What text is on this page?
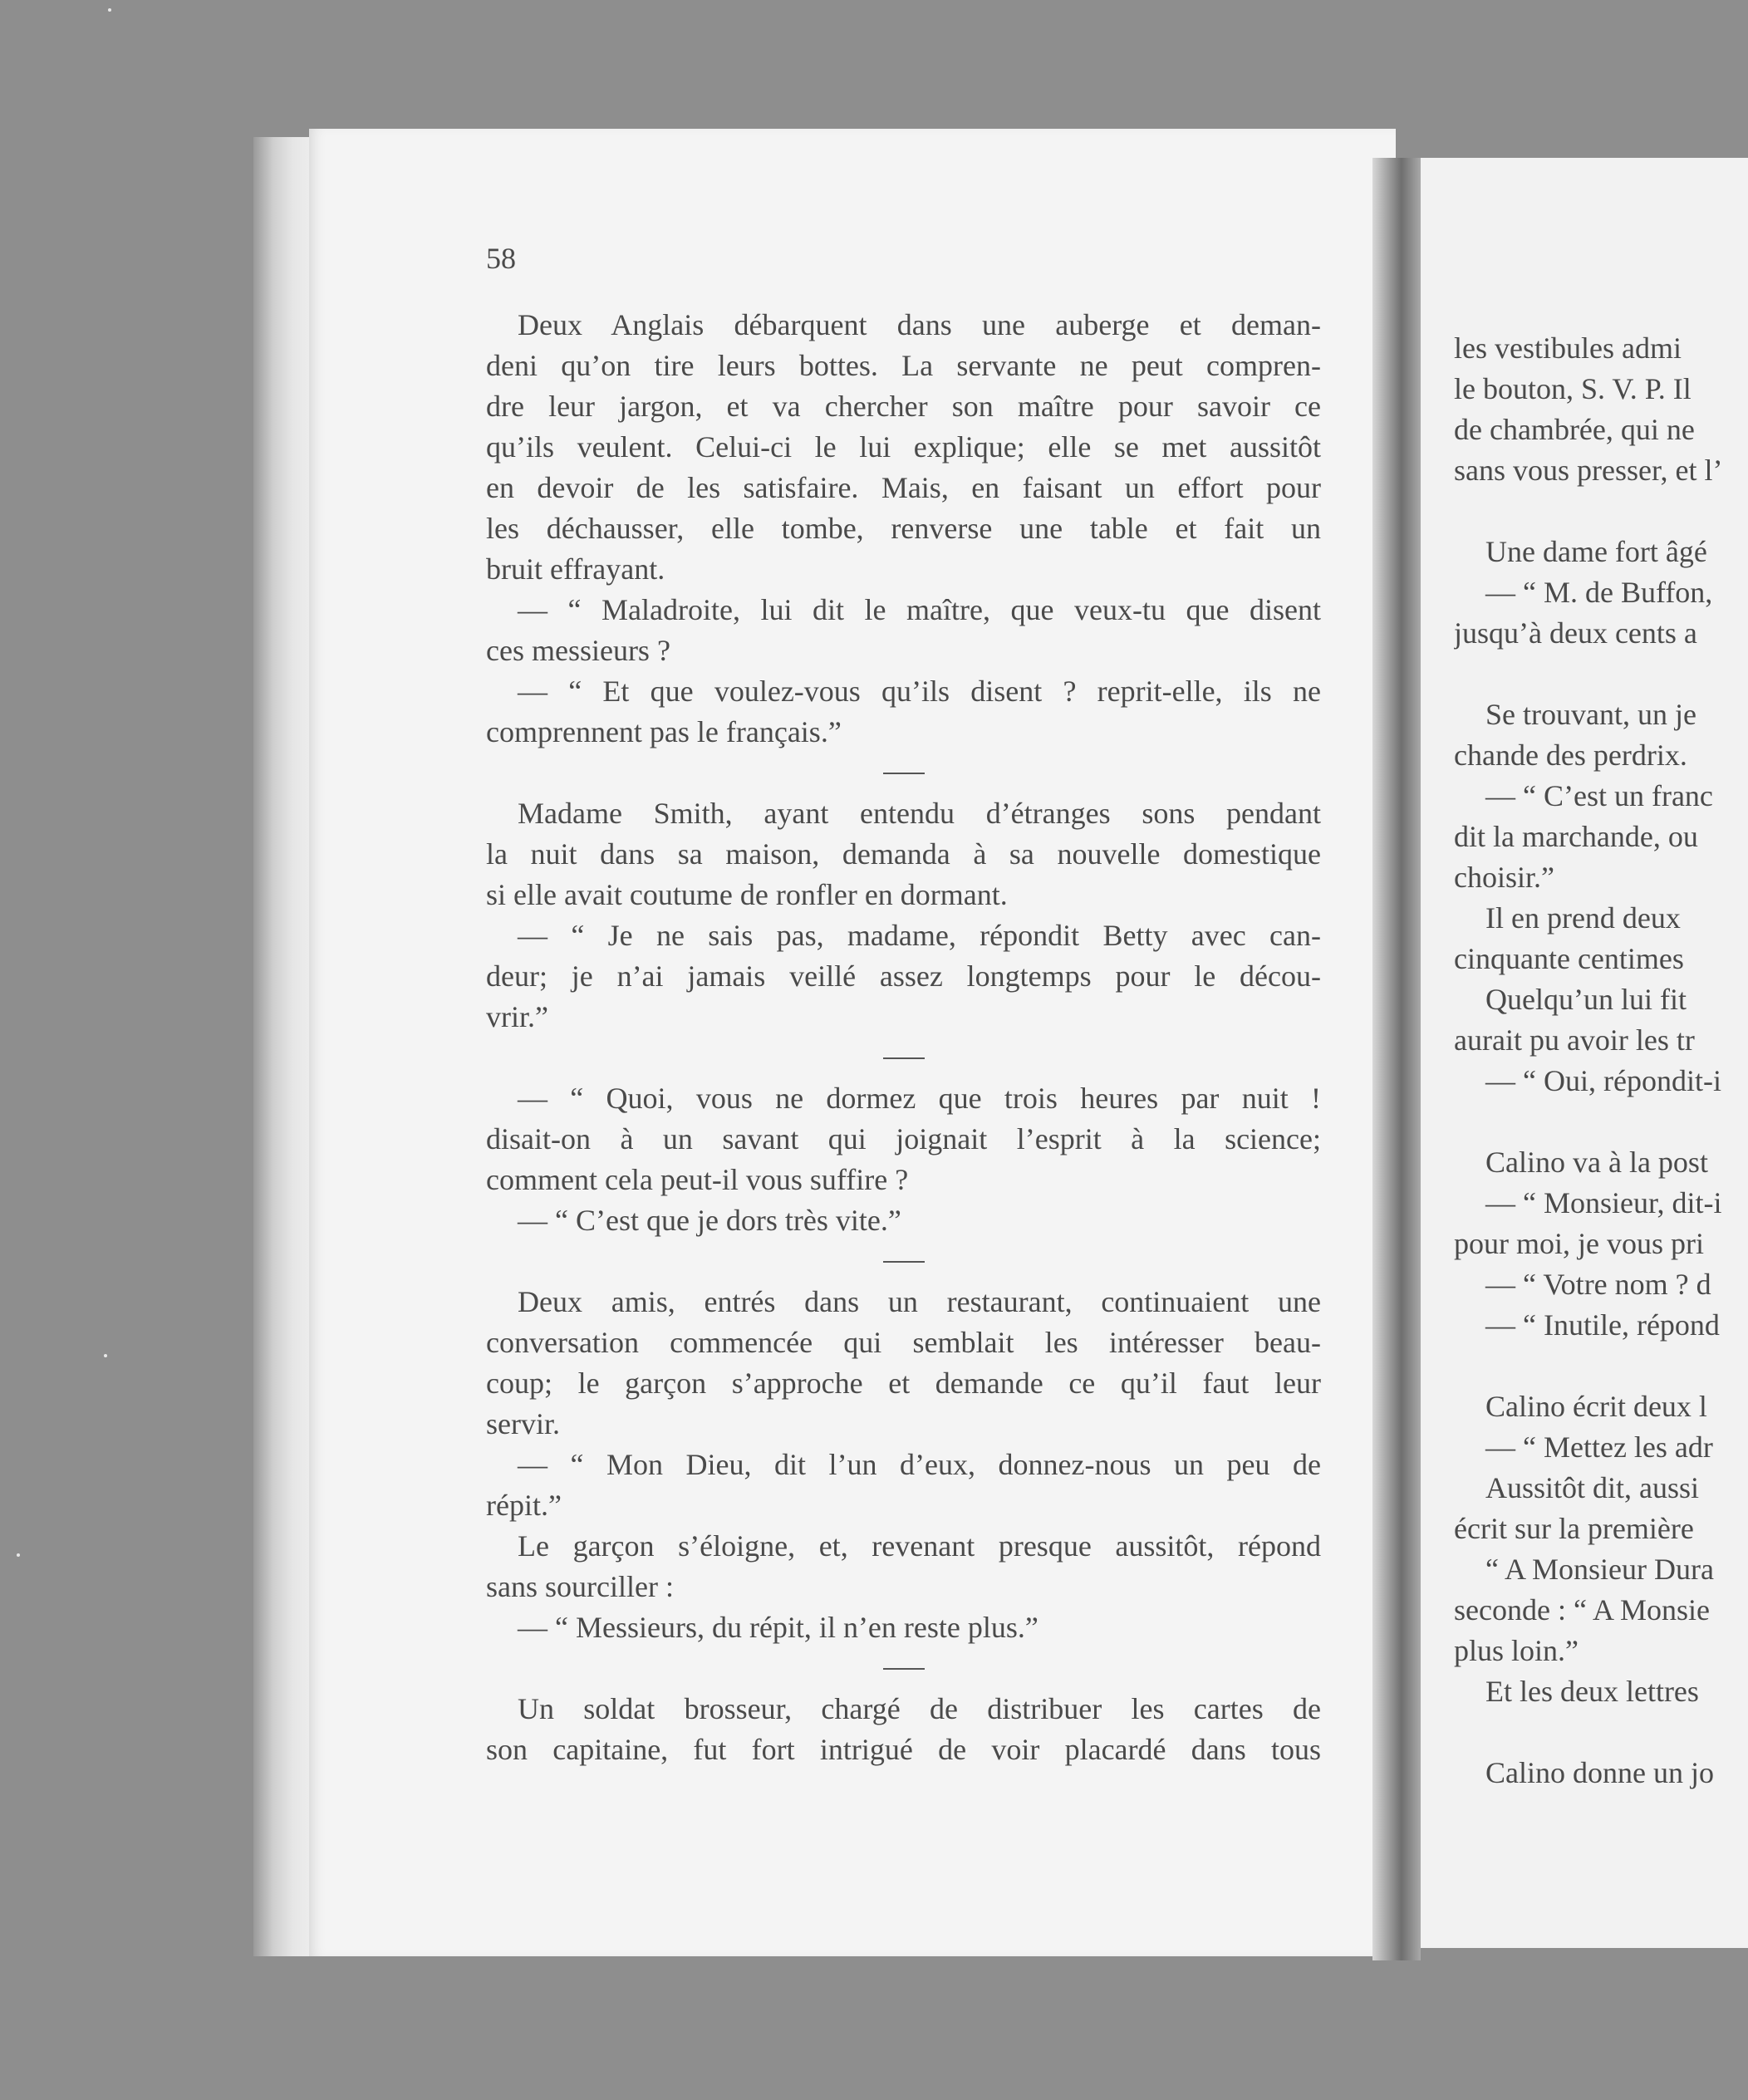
58
Deux Anglais débarquent dans une auberge et deman-
deni qu’on tire leurs bottes. La servante ne peut compren-
dre leur jargon, et va chercher son maître pour savoir ce
qu’ils veulent. Celui-ci le lui explique; elle se met aussitôt
en devoir de les satisfaire. Mais, en faisant un effort pour
les déchausser, elle tombe, renverse une table et fait un
bruit effrayant.
— “ Maladroite, lui dit le maître, que veux-tu que disent
ces messieurs ?
— “ Et que voulez-vous qu’ils disent ? reprit-elle, ils ne
comprennent pas le français.”
Madame Smith, ayant entendu d’étranges sons pendant
la nuit dans sa maison, demanda à sa nouvelle domestique
si elle avait coutume de ronfler en dormant.
— “ Je ne sais pas, madame, répondit Betty avec can-
deur; je n’ai jamais veillé assez longtemps pour le décou-
vrir.”
— “ Quoi, vous ne dormez que trois heures par nuit !
disait-on à un savant qui joignait l’esprit à la science;
comment cela peut-il vous suffire ?
— “ C’est que je dors très vite.”
Deux amis, entrés dans un restaurant, continuaient une
conversation commencée qui semblait les intéresser beau-
coup; le garçon s’approche et demande ce qu’il faut leur
servir.
— “ Mon Dieu, dit l’un d’eux, donnez-nous un peu de
répit.”
Le garçon s’éloigne, et, revenant presque aussitôt, répond
sans sourciller :
— “ Messieurs, du répit, il n’en reste plus.”
Un soldat brosseur, chargé de distribuer les cartes de
son capitaine, fut fort intrigué de voir placardé dans tous
les vestibules admi
le bouton, S. V. P. Il
de chambrée, qui ne
sans vous presser, et l’
Une dame fort âgé
— “ M. de Buffon,
jusqu’à deux cents a
Se trouvant, un je
chande des perdrix.
— “ C’est un franc
dit la marchande, ou
choisir.”
Il en prend deux
cinquante centimes
Quelqu’un lui fit
aurait pu avoir les tr
— “ Oui, répondit-i
Calino va à la post
— “ Monsieur, dit-i
pour moi, je vous pri
— “ Votre nom ? d
— “ Inutile, répond
Calino écrit deux l
— “ Mettez les adr
Aussitôt dit, aussi
écrit sur la première
“ A Monsieur Dura
seconde : “ A Monsie
plus loin.”
Et les deux lettres
Calino donne un jo
